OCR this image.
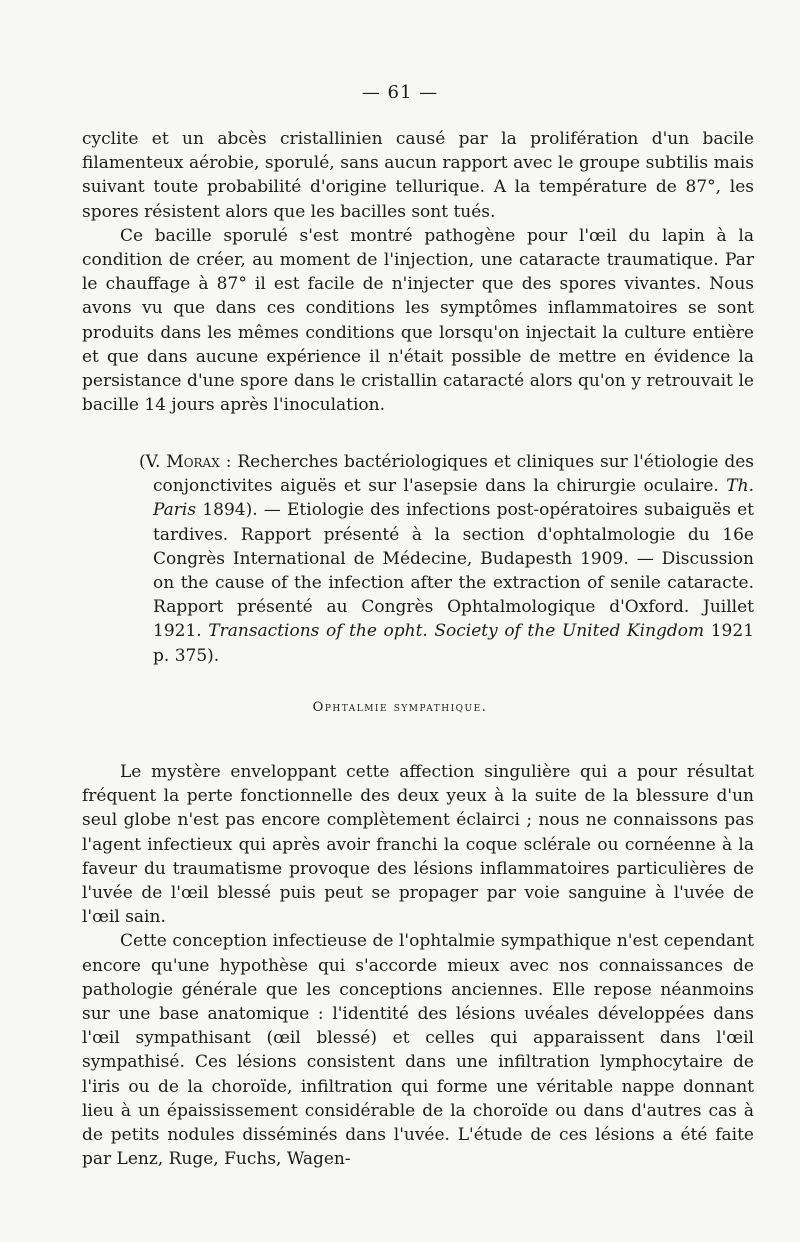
— 61 —

cyclite et un abcès cristallinien causé par la prolifération d'un bacile filamenteux aérobie, sporulé, sans aucun rapport avec le groupe subtilis mais suivant toute probabilité d'origine tellurique. A la température de 87°, les spores résistent alors que les bacilles sont tués.

Ce bacille sporulé s'est montré pathogène pour l'œil du lapin à la condition de créer, au moment de l'injection, une cataracte traumatique. Par le chauffage à 87° il est facile de n'injecter que des spores vivantes. Nous avons vu que dans ces conditions les symptômes inflammatoires se sont produits dans les mêmes conditions que lorsqu'on injectait la culture entière et que dans aucune expérience il n'était possible de mettre en évidence la persistance d'une spore dans le cristallin cataracté alors qu'on y retrouvait le bacille 14 jours après l'inoculation.

(V. Morax : Recherches bactériologiques et cliniques sur l'étiologie des conjonctivites aiguës et sur l'asepsie dans la chirurgie oculaire. Th. Paris 1894). — Etiologie des infections post-opératoires subaiguës et tardives. Rapport présenté à la section d'ophtalmologie du 16e Congrès International de Médecine, Budapesth 1909. — Discussion on the cause of the infection after the extraction of senile cataracte. Rapport présenté au Congrès Ophtalmologique d'Oxford. Juillet 1921. Transactions of the opht. Society of the United Kingdom 1921 p. 375).

Ophtalmie sympathique.

Le mystère enveloppant cette affection singulière qui a pour résultat fréquent la perte fonctionnelle des deux yeux à la suite de la blessure d'un seul globe n'est pas encore complètement éclairci ; nous ne connaissons pas l'agent infectieux qui après avoir franchi la coque sclérale ou cornéenne à la faveur du traumatisme provoque des lésions inflammatoires particulières de l'uvée de l'œil blessé puis peut se propager par voie sanguine à l'uvée de l'œil sain.

Cette conception infectieuse de l'ophtalmie sympathique n'est cependant encore qu'une hypothèse qui s'accorde mieux avec nos connaissances de pathologie générale que les conceptions anciennes. Elle repose néanmoins sur une base anatomique : l'identité des lésions uvéales développées dans l'œil sympathisant (œil blessé) et celles qui apparaissent dans l'œil sympathisé. Ces lésions consistent dans une infiltration lymphocytaire de l'iris ou de la choroïde, infiltration qui forme une véritable nappe donnant lieu à un épaississement considérable de la choroïde ou dans d'autres cas à de petits nodules disséminés dans l'uvée. L'étude de ces lésions a été faite par Lenz, Ruge, Fuchs, Wagen-
